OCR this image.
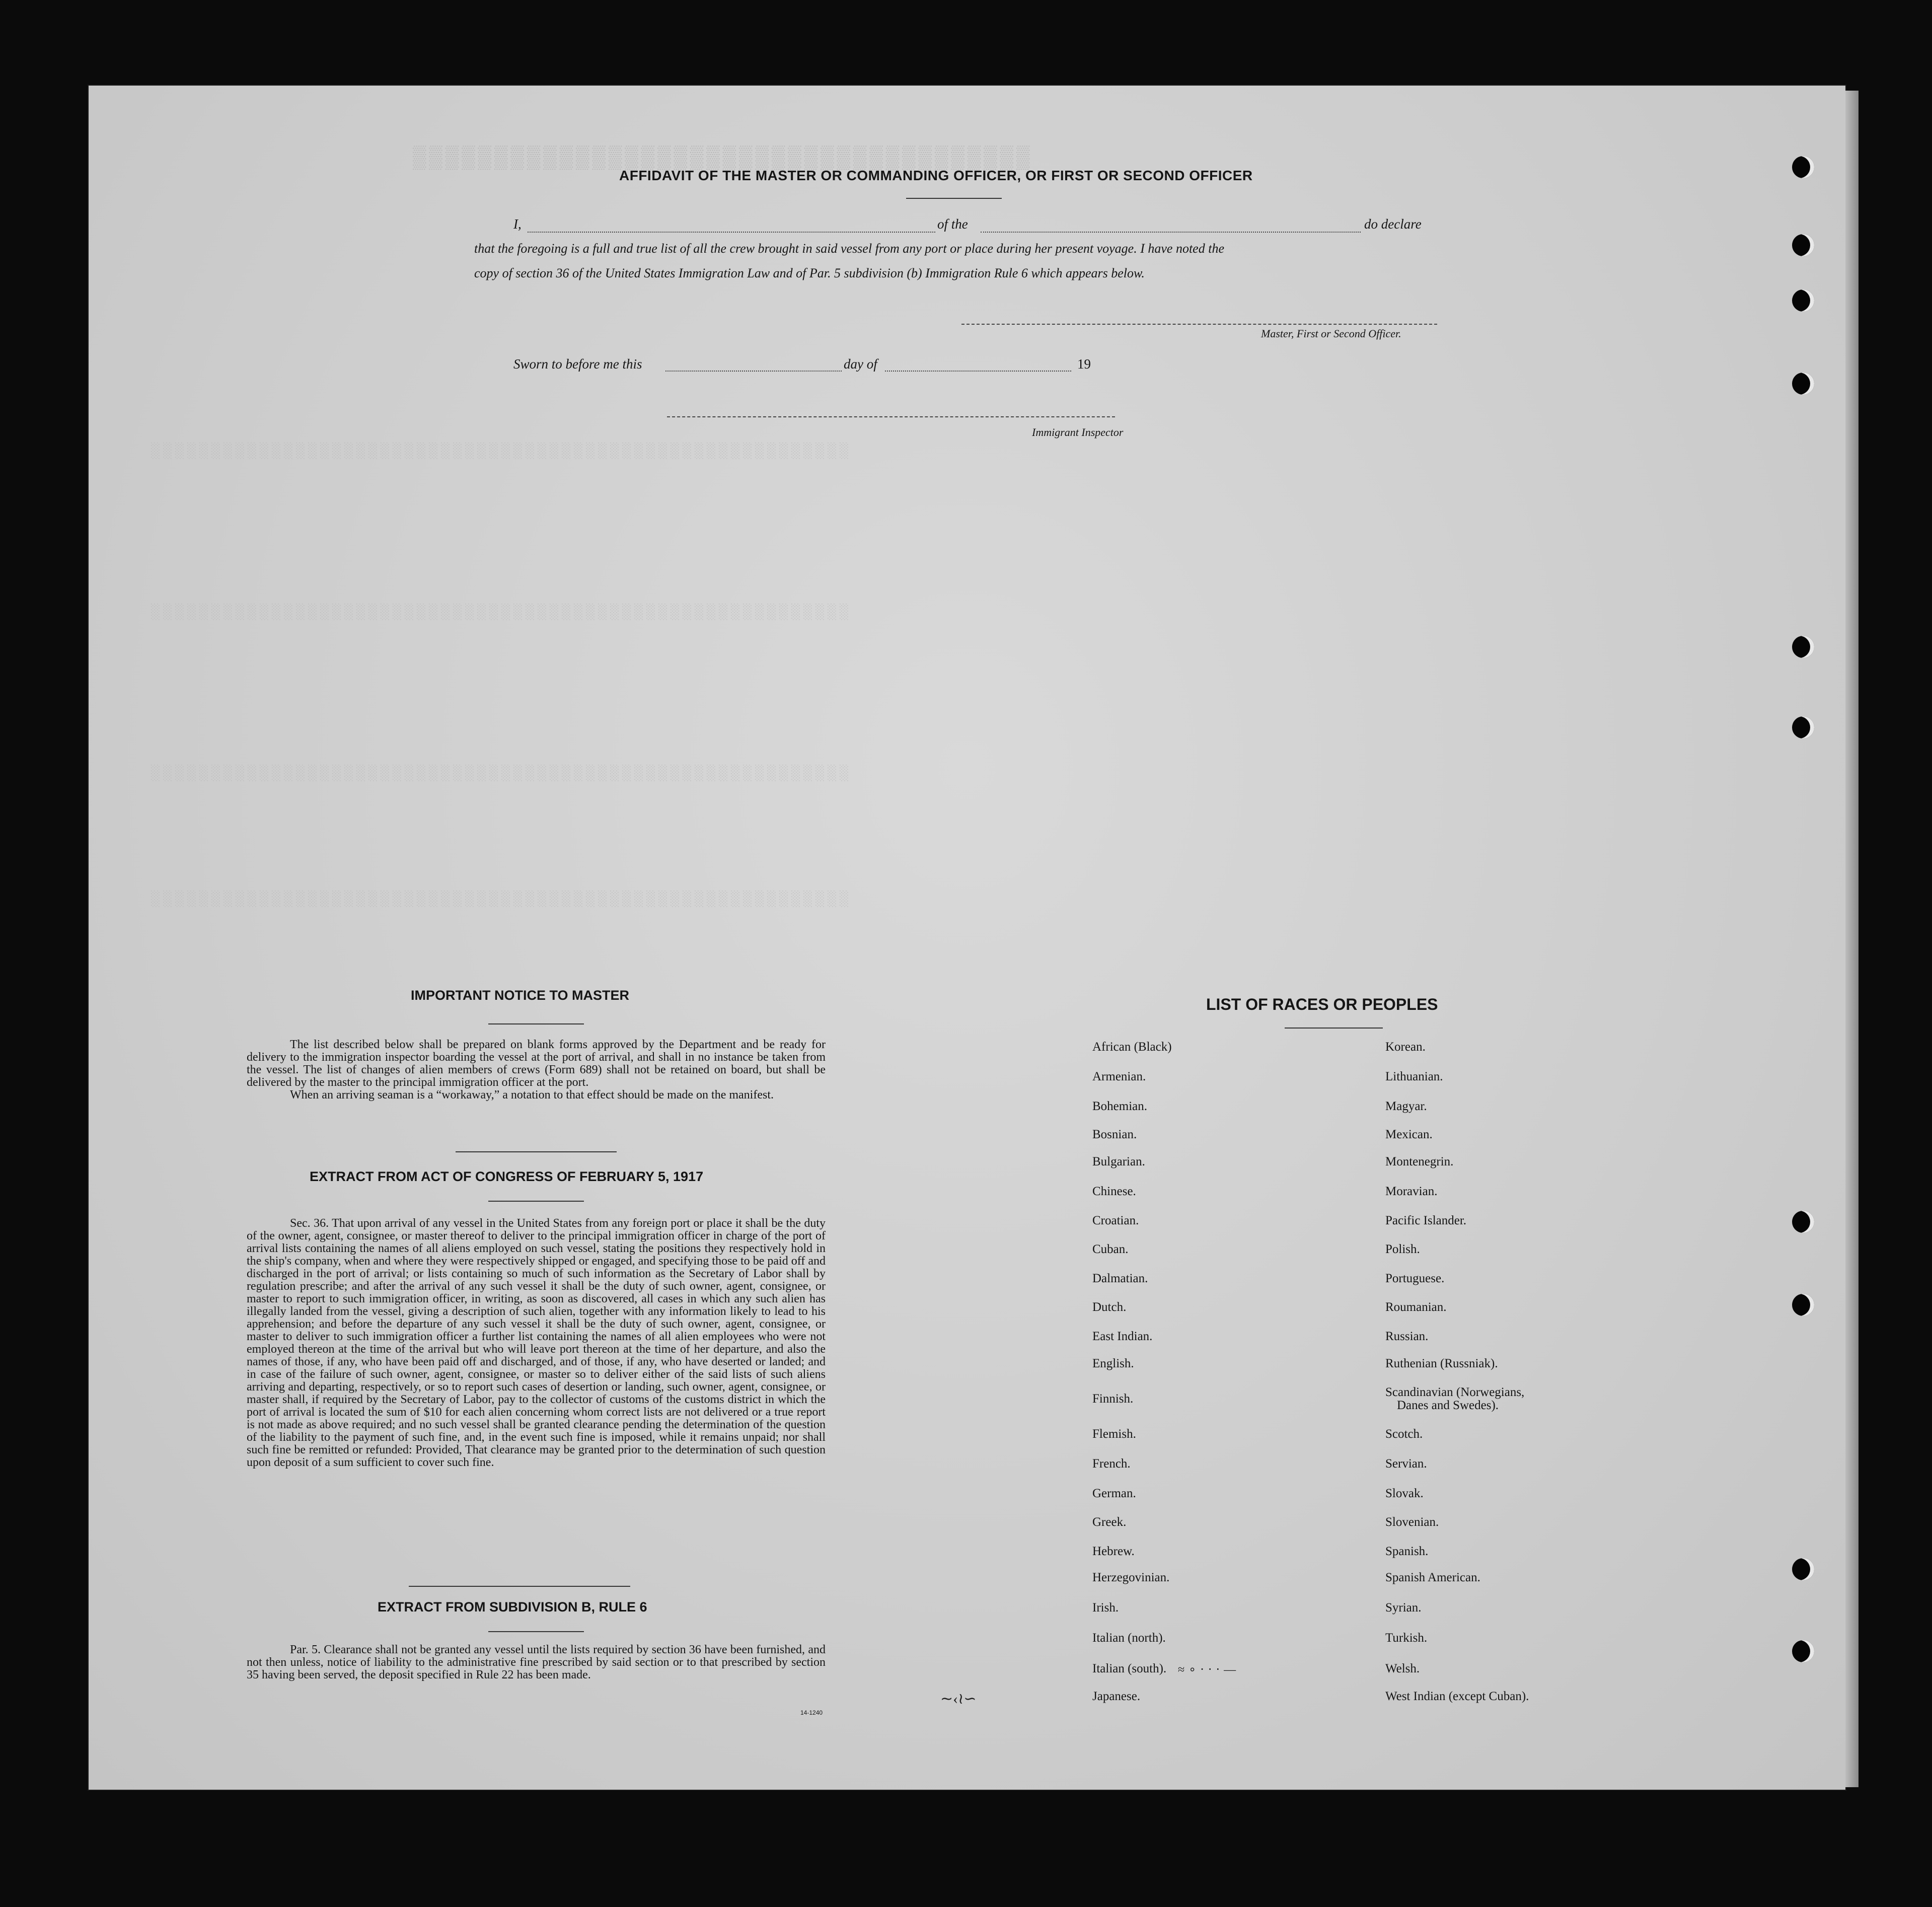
▒▒▒▒▒▒▒▒▒▒▒▒▒▒▒▒▒▒▒▒▒▒▒▒▒▒▒▒▒▒▒▒▒▒▒▒▒▒
░░░░░░░░░░░░░░░░░░░░░░░░░░░░░░░░░░░░░░░░░░░░░░░░░░░░░░░░░░
░░░░░░░░░░░░░░░░░░░░░░░░░░░░░░░░░░░░░░░░░░░░░░░░░░░░░░░░░░
░░░░░░░░░░░░░░░░░░░░░░░░░░░░░░░░░░░░░░░░░░░░░░░░░░░░░░░░░░
░░░░░░░░░░░░░░░░░░░░░░░░░░░░░░░░░░░░░░░░░░░░░░░░░░░░░░░░░░
AFFIDAVIT OF THE MASTER OR COMMANDING OFFICER, OR FIRST OR SECOND OFFICER
I,	of the	do declare
that the foregoing is a full and true list of all the crew brought in said vessel from any port or place during her present voyage. I have noted the
copy of section 36 of the United States Immigration Law and of Par. 5 subdivision (b) Immigration Rule 6 which appears below.
Master, First or Second Officer.
Sworn to before me this	day of	19
Immigrant Inspector
IMPORTANT NOTICE TO MASTER

The list described below shall be prepared on blank forms approved by the Department and be ready for delivery to the immigration inspector boarding the vessel at the port of arrival, and shall in no instance be taken from the vessel. The list of changes of alien members of crews (Form 689) shall not be retained on board, but shall be delivered by the master to the principal immigration officer at the port.

When an arriving seaman is a “workaway,” a notation to that effect should be made on the manifest.

EXTRACT FROM ACT OF CONGRESS OF FEBRUARY 5, 1917

Sec. 36. That upon arrival of any vessel in the United States from any foreign port or place it shall be the duty of the owner, agent, consignee, or master thereof to deliver to the principal immigration officer in charge of the port of arrival lists containing the names of all aliens employed on such vessel, stating the positions they respectively hold in the ship's company, when and where they were respectively shipped or engaged, and specifying those to be paid off and discharged in the port of arrival; or lists containing so much of such information as the Secretary of Labor shall by regulation prescribe; and after the arrival of any such vessel it shall be the duty of such owner, agent, consignee, or master to report to such immigration officer, in writing, as soon as discovered, all cases in which any such alien has illegally landed from the vessel, giving a description of such alien, together with any information likely to lead to his apprehension; and before the departure of any such vessel it shall be the duty of such owner, agent, consignee, or master to deliver to such immigration officer a further list containing the names of all alien employees who were not employed thereon at the time of the arrival but who will leave port thereon at the time of her departure, and also the names of those, if any, who have been paid off and discharged, and of those, if any, who have deserted or landed; and in case of the failure of such owner, agent, consignee, or master so to deliver either of the said lists of such aliens arriving and departing, respectively, or so to report such cases of desertion or landing, such owner, agent, consignee, or master shall, if required by the Secretary of Labor, pay to the collector of customs of the customs district in which the port of arrival is located the sum of $10 for each alien concerning whom correct lists are not delivered or a true report is not made as above required; and no such vessel shall be granted clearance pending the determination of the question of the liability to the payment of such fine, and, in the event such fine is imposed, while it remains unpaid; nor shall such fine be remitted or refunded: Provided, That clearance may be granted prior to the determination of such question upon deposit of a sum sufficient to cover such fine.

EXTRACT FROM SUBDIVISION B, RULE 6

Par. 5. Clearance shall not be granted any vessel until the lists required by section 36 have been furnished, and not then unless, notice of liability to the administrative fine prescribed by said section or to that prescribed by section 35 having been served, the deposit specified in Rule 22 has been made.

14-1240
∼‹≀∽
≈∘⋅⋅⋅—
LIST OF RACES OR PEOPLES
African (Black)
Armenian.
Bohemian.
Bosnian.
Bulgarian.
Chinese.
Croatian.
Cuban.
Dalmatian.
Dutch.
East Indian.
English.
Finnish.
Flemish.
French.
German.
Greek.
Hebrew.
Herzegovinian.
Irish.
Italian (north).
Italian (south).
Japanese.
Korean.
Lithuanian.
Magyar.
Mexican.
Montenegrin.
Moravian.
Pacific Islander.
Polish.
Portuguese.
Roumanian.
Russian.
Ruthenian (Russniak).
Scandinavian (Norwegians,
Danes and Swedes).
Scotch.
Servian.
Slovak.
Slovenian.
Spanish.
Spanish American.
Syrian.
Turkish.
Welsh.
West Indian (except Cuban).
